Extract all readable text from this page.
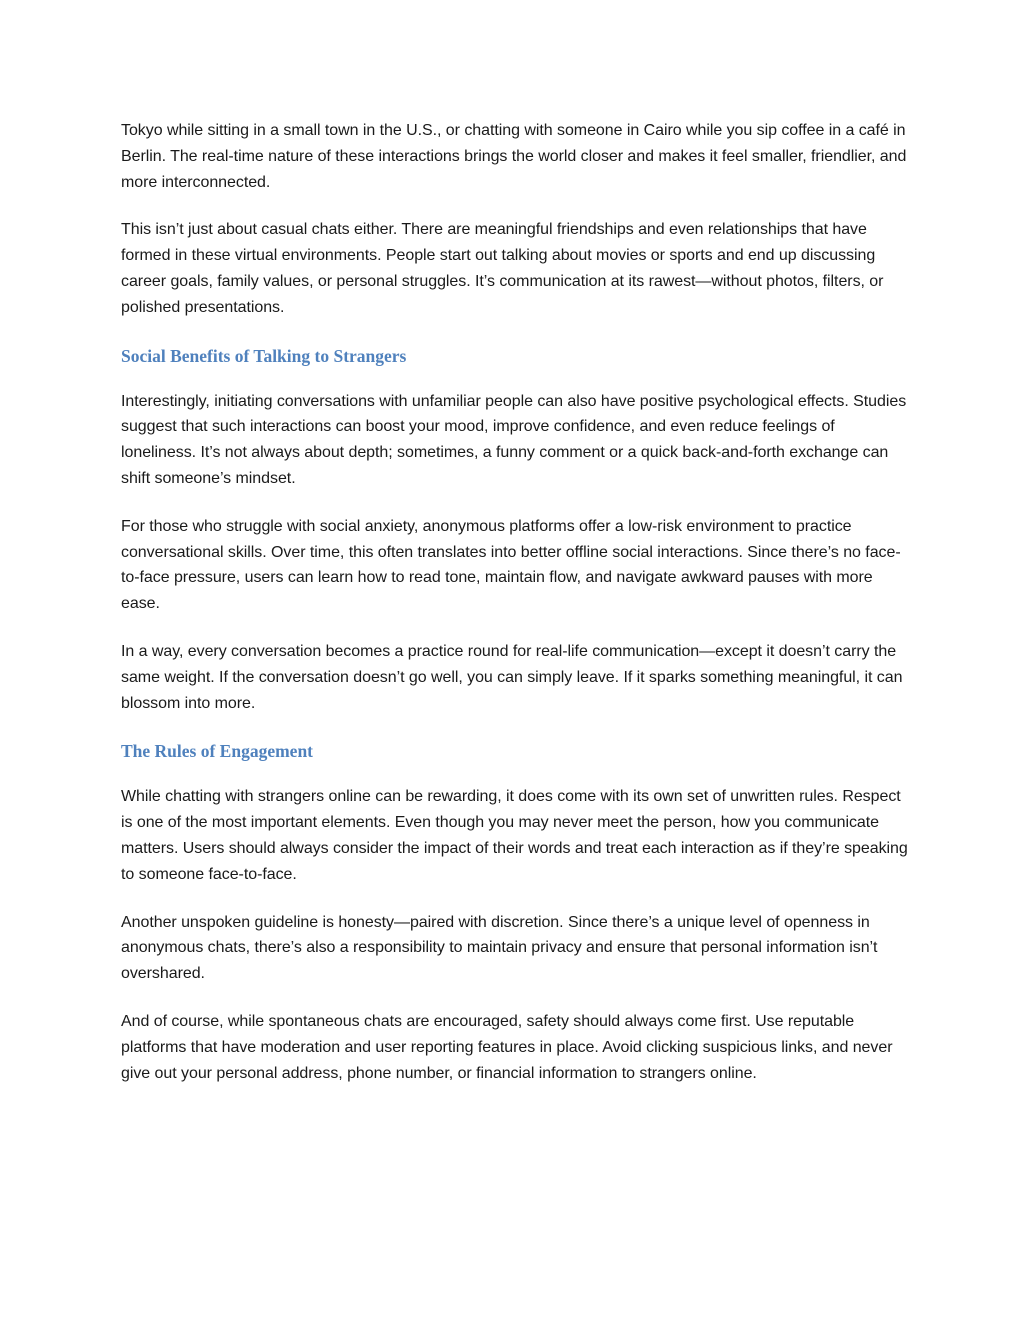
Tokyo while sitting in a small town in the U.S., or chatting with someone in Cairo while you sip coffee in a café in Berlin. The real-time nature of these interactions brings the world closer and makes it feel smaller, friendlier, and more interconnected.

This isn’t just about casual chats either. There are meaningful friendships and even relationships that have formed in these virtual environments. People start out talking about movies or sports and end up discussing career goals, family values, or personal struggles. It’s communication at its rawest—without photos, filters, or polished presentations.

Social Benefits of Talking to Strangers

Interestingly, initiating conversations with unfamiliar people can also have positive psychological effects. Studies suggest that such interactions can boost your mood, improve confidence, and even reduce feelings of loneliness. It’s not always about depth; sometimes, a funny comment or a quick back-and-forth exchange can shift someone’s mindset.

For those who struggle with social anxiety, anonymous platforms offer a low-risk environment to practice conversational skills. Over time, this often translates into better offline social interactions. Since there’s no face-to-face pressure, users can learn how to read tone, maintain flow, and navigate awkward pauses with more ease.

In a way, every conversation becomes a practice round for real-life communication—except it doesn’t carry the same weight. If the conversation doesn’t go well, you can simply leave. If it sparks something meaningful, it can blossom into more.

The Rules of Engagement

While chatting with strangers online can be rewarding, it does come with its own set of unwritten rules. Respect is one of the most important elements. Even though you may never meet the person, how you communicate matters. Users should always consider the impact of their words and treat each interaction as if they’re speaking to someone face-to-face.

Another unspoken guideline is honesty—paired with discretion. Since there’s a unique level of openness in anonymous chats, there’s also a responsibility to maintain privacy and ensure that personal information isn’t overshared.

And of course, while spontaneous chats are encouraged, safety should always come first. Use reputable platforms that have moderation and user reporting features in place. Avoid clicking suspicious links, and never give out your personal address, phone number, or financial information to strangers online.
